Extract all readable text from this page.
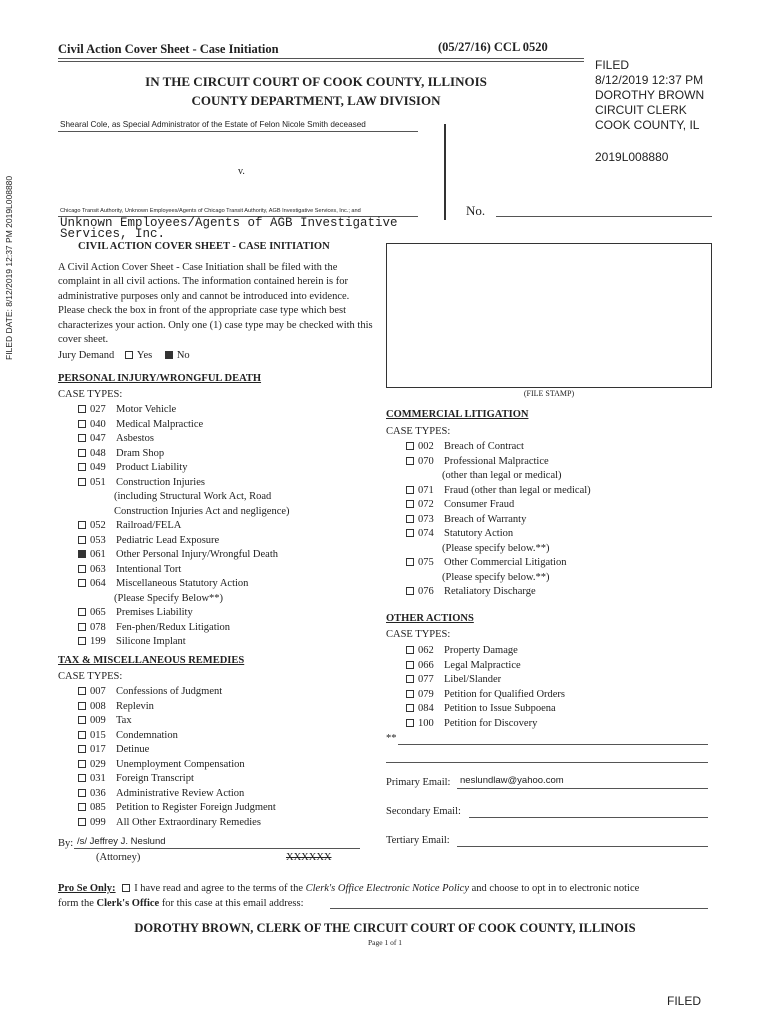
FILED DATE: 8/12/2019 12:37 PM 2019L008880
Civil Action Cover Sheet - Case Initiation	(05/27/16) CCL 0520
FILED
8/12/2019 12:37 PM
DOROTHY BROWN
CIRCUIT CLERK
COOK COUNTY, IL
2019L008880
IN THE CIRCUIT COURT OF COOK COUNTY, ILLINOIS
COUNTY DEPARTMENT, LAW DIVISION
Shearal Cole, as Special Administrator of the Estate of Felon Nicole Smith deceased
v.
Chicago Transit Authority, Unknown Employees/Agents of Chicago Transit Authority, AGB Investigative Services, Inc.; and
Unknown Employees/Agents of AGB Investigative Services, Inc.
No.
CIVIL ACTION COVER SHEET - CASE INITIATION
A Civil Action Cover Sheet - Case Initiation shall be filed with the complaint in all civil actions. The information contained herein is for administrative purposes only and cannot be introduced into evidence. Please check the box in front of the appropriate case type which best characterizes your action. Only one (1) case type may be checked with this cover sheet.
Jury Demand Yes No
(FILE STAMP)
PERSONAL INJURY/WRONGFUL DEATH
CASE TYPES:
027 Motor Vehicle
040 Medical Malpractice
047 Asbestos
048 Dram Shop
049 Product Liability
051 Construction Injuries
(including Structural Work Act, Road
Construction Injuries Act and negligence)
052 Railroad/FELA
053 Pediatric Lead Exposure
061 Other Personal Injury/Wrongful Death
063 Intentional Tort
064 Miscellaneous Statutory Action
(Please Specify Below**)
065 Premises Liability
078 Fen-phen/Redux Litigation
199 Silicone Implant
TAX & MISCELLANEOUS REMEDIES
CASE TYPES:
007 Confessions of Judgment
008 Replevin
009 Tax
015 Condemnation
017 Detinue
029 Unemployment Compensation
031 Foreign Transcript
036 Administrative Review Action
085 Petition to Register Foreign Judgment
099 All Other Extraordinary Remedies
COMMERCIAL LITIGATION
CASE TYPES:
002 Breach of Contract
070 Professional Malpractice
(other than legal or medical)
071 Fraud (other than legal or medical)
072 Consumer Fraud
073 Breach of Warranty
074 Statutory Action
(Please specify below.**)
075 Other Commercial Litigation
(Please specify below.**)
076 Retaliatory Discharge
OTHER ACTIONS
CASE TYPES:
062 Property Damage
066 Legal Malpractice
077 Libel/Slander
079 Petition for Qualified Orders
084 Petition to Issue Subpoena
100 Petition for Discovery
**
Primary Email: neslundlaw@yahoo.com
Secondary Email:
Tertiary Email:
By: /s/ Jeffrey J. Neslund
(Attorney)	XXXXXX
Pro Se Only: I have read and agree to the terms of the Clerk's Office Electronic Notice Policy and choose to opt in to electronic notice
form the Clerk's Office for this case at this email address:
DOROTHY BROWN, CLERK OF THE CIRCUIT COURT OF COOK COUNTY, ILLINOIS
Page 1 of 1
FILED
